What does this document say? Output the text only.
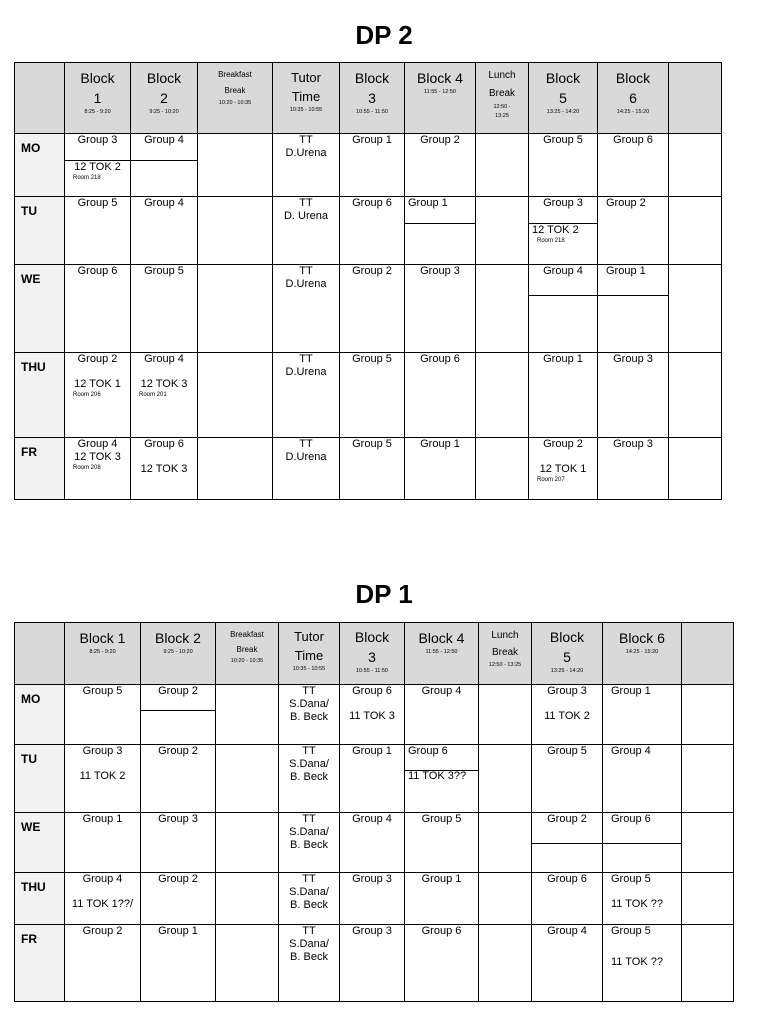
DP 2

	Block
1
8:25 - 9:20	Block
2
9:25 - 10:20	Breakfast
Break
10:20 - 10:35	Tutor
Time
10:35 - 10:55	Block
3
10:55 - 11:50	Block 4
11:55 - 12:50	Lunch
Break
12:50 -
13:25	Block
5
13:25 - 14:20	Block
6
14:25 - 15:20	

MO	Group 3
12 TOK 2
Room 218	Group 4		TT
D.Urena	Group 1	Group 2		Group 5	Group 6	

TU	Group 5	Group 4		TT
D. Urena	Group 6	Group 1		Group 3
12 TOK 2
Room 218	Group 2	

WE	Group 6	Group 5		TT
D.Urena	Group 2	Group 3		Group 4	Group 1	

THU	Group 2
12 TOK 1
Room 206	Group 4
12 TOK 3
Room 201		TT
D.Urena	Group 5	Group 6		Group 1	Group 3	

FR	Group 4
12 TOK 3
Room 208	Group 6
12 TOK 3		TT
D.Urena	Group 5	Group 1		Group 2
12 TOK 1
Room 207	Group 3	

DP 1

	Block 1
8:25 - 9:20	Block 2
9:25 - 10:20	Breakfast
Break
10:20 - 10:35	Tutor
Time
10:35 - 10:55	Block
3
10:55 - 11:50	Block 4
11:55 - 12:50	Lunch
Break
12:50 - 13:25	Block
5
13:25 - 14:20	Block 6
14:25 - 15:20	

MO	Group 5	Group 2		TT
S.Dana/
B. Beck	Group 6
11 TOK 3	Group 4		Group 3
11 TOK 2	Group 1	

TU	Group 3
11 TOK 2	Group 2		TT
S.Dana/
B. Beck	Group 1	Group 6
11 TOK 3??		Group 5	Group 4	

WE	Group 1	Group 3		TT
S.Dana/
B. Beck	Group 4	Group 5		Group 2	Group 6	

THU	Group 4
11 TOK 1??/	Group 2		TT
S.Dana/
B. Beck	Group 3	Group 1		Group 6	Group 5
11 TOK ??	

FR	Group 2	Group 1		TT
S.Dana/
B. Beck	Group 3	Group 6		Group 4	Group 5
11 TOK ??	
